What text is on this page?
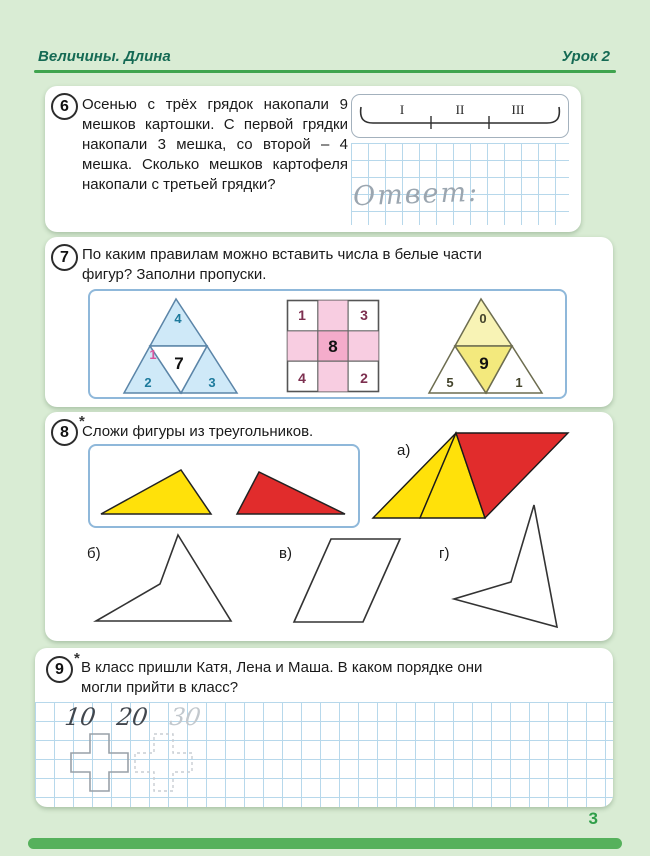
Величины. Длина	Урок 2
6 Осенью с трёх грядок накопали 9 мешков картошки. С первой грядки накопали 3 мешка, со второй – 4 мешка. Сколько мешков картофеля накопали с третьей грядки?

I	II	III
Ответ:
7 По каким правилам можно вставить числа в белые части фигур? Заполни пропуски.

4
1 7
2	3
1	3
8
4	2
0
9
5	1
8
*

Сложи фигуры из треугольников.

а)
б)	в)	г)
9
*

В класс пришли Катя, Лена и Маша. В каком порядке они могли прийти в класс?

10 20 30
3
